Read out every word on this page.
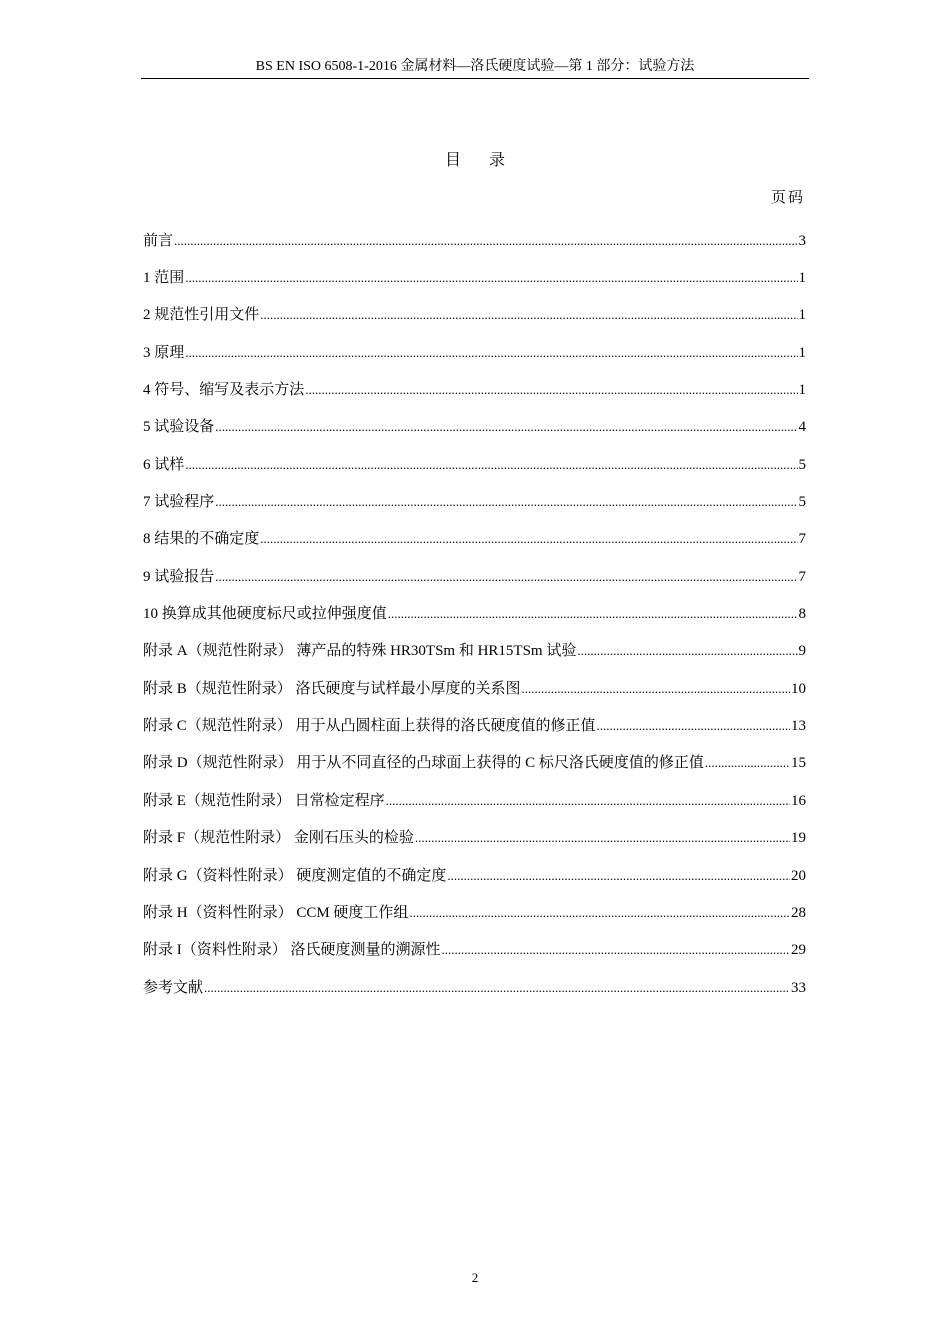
BS EN ISO 6508-1-2016 金属材料—洛氏硬度试验—第 1 部分：试验方法
目 录
页码
前言 .....	3
1 范围 .....	1
2 规范性引用文件 .....	1
3 原理 .....	1
4 符号、缩写及表示方法 .....	1
5 试验设备 .....	4
6 试样 .....	5
7 试验程序 .....	5
8 结果的不确定度 .....	7
9 试验报告 .....	7
10 换算成其他硬度标尺或拉伸强度值 .....	8
附录 A（规范性附录） 薄产品的特殊 HR30TSm 和 HR15TSm 试验 .....	9
附录 B（规范性附录） 洛氏硬度与试样最小厚度的关系图 .....	10
附录 C（规范性附录） 用于从凸圆柱面上获得的洛氏硬度值的修正值 .....	13
附录 D（规范性附录） 用于从不同直径的凸球面上获得的 C 标尺洛氏硬度值的修正值 .....	15
附录 E（规范性附录） 日常检定程序 .....	16
附录 F（规范性附录） 金刚石压头的检验 .....	19
附录 G（资料性附录） 硬度测定值的不确定度 .....	20
附录 H（资料性附录） CCM 硬度工作组 .....	28
附录 I（资料性附录） 洛氏硬度测量的溯源性 .....	29
参考文献 .....	33
2
